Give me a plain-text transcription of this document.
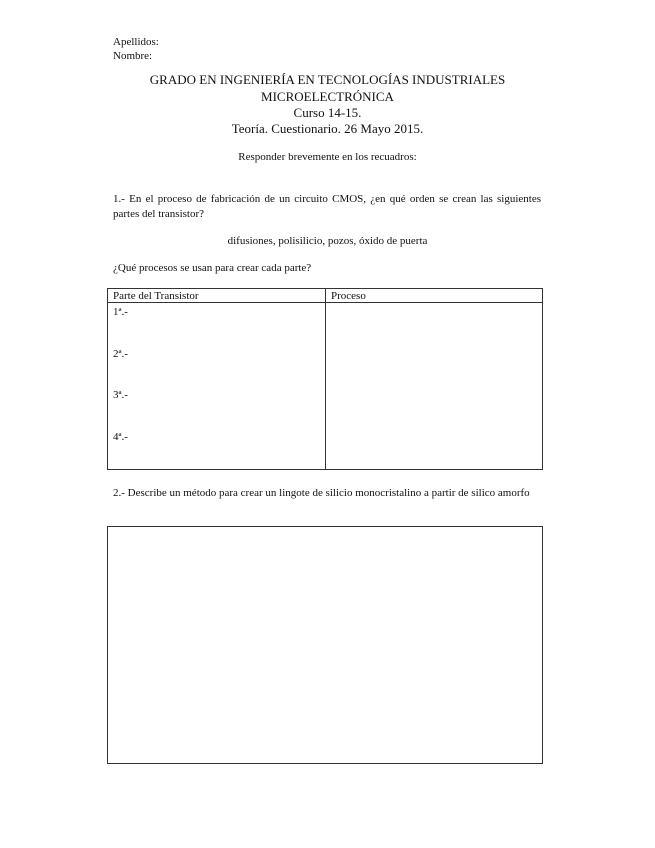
Apellidos:
Nombre:
GRADO EN INGENIERÍA EN TECNOLOGÍAS INDUSTRIALES
MICROELECTRÓNICA
Curso 14-15.
Teoría. Cuestionario. 26 Mayo 2015.
Responder brevemente en los recuadros:
1.- En el proceso de fabricación de un circuito CMOS, ¿en qué orden se crean las siguientes partes del transistor?
difusiones, polisilicio, pozos, óxido de puerta
¿Qué procesos se usan para crear cada parte?
Parte del Transistor	Proceso
1ª.-
2ª.-
3ª.-
4ª.-
2.- Describe un método para crear un lingote de silicio monocristalino a partir de silico amorfo
